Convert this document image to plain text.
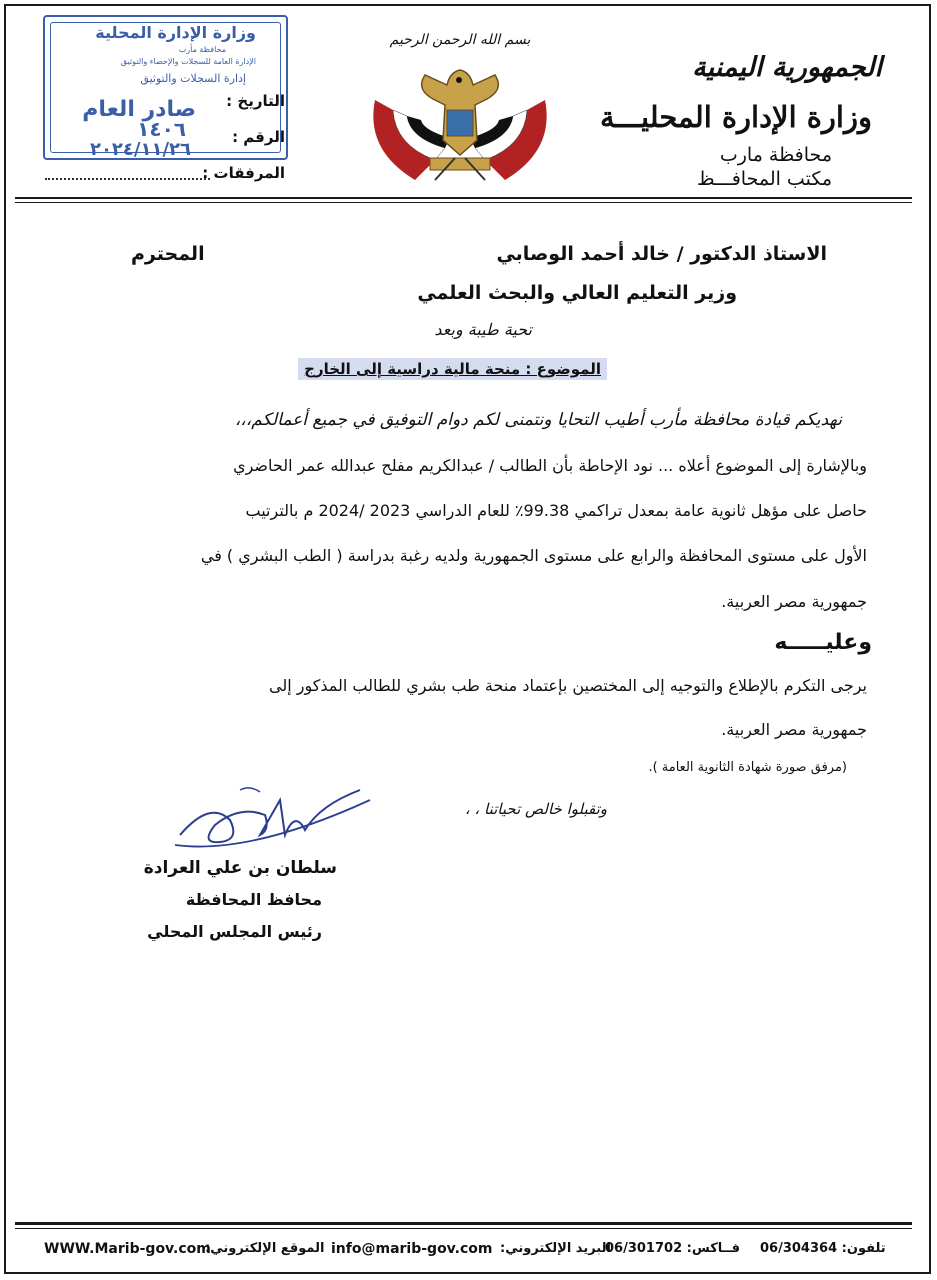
الجمهورية اليمنية
وزارة الإدارة المحليـــة
محافظة مارب
مكتب المحافـــظ
بسم الله الرحمن الرحيم
وزارة الإدارة المحلية
محافظة مأرب
الإدارة العامة للسجلات والإحصاء والتوثيق
إدارة السجلات والتوثيق
صادر العام
١٤٠٦
٢٠٢٤/١١/٢٦
التاريخ :
الرقم :
المرفقات :
الاستاذ الدكتور / خالد أحمد الوصابي
المحترم
وزير التعليم العالي والبحث العلمي
تحية طيبة وبعد
الموضوع : منحة مالية دراسية إلى الخارج
نهديكم قيادة محافظة مأرب أطيب التحايا ونتمنى لكم دوام التوفيق في جميع أعمالكم،،،
وبالإشارة إلى الموضوع أعلاه ... نود الإحاطة بأن الطالب / عبدالكريم مفلح عبدالله عمر الحاضري
حاصل على مؤهل ثانوية عامة بمعدل تراكمي 99.38٪ للعام الدراسي 2023 /2024 م بالترتيب
الأول على مستوى المحافظة والرابع على مستوى الجمهورية ولديه رغبة بدراسة ( الطب البشري ) في
جمهورية مصر العربية.
وعليـــــه
يرجى التكرم بالإطلاع والتوجيه إلى المختصين بإعتماد منحة طب بشري للطالب المذكور إلى
جمهورية مصر العربية.
(مرفق صورة شهادة الثانوية العامة ).
وتقبلوا خالص تحياتنا ، ،
سلطان بن علي العرادة
محافظ المحافظة
رئيس المجلس المحلي
WWW.Marib-gov.com
الموقع الإلكتروني: info@marib-gov.com البريد الإلكتروني:
فــاكس: 06/301702 تلفون: 06/304364
